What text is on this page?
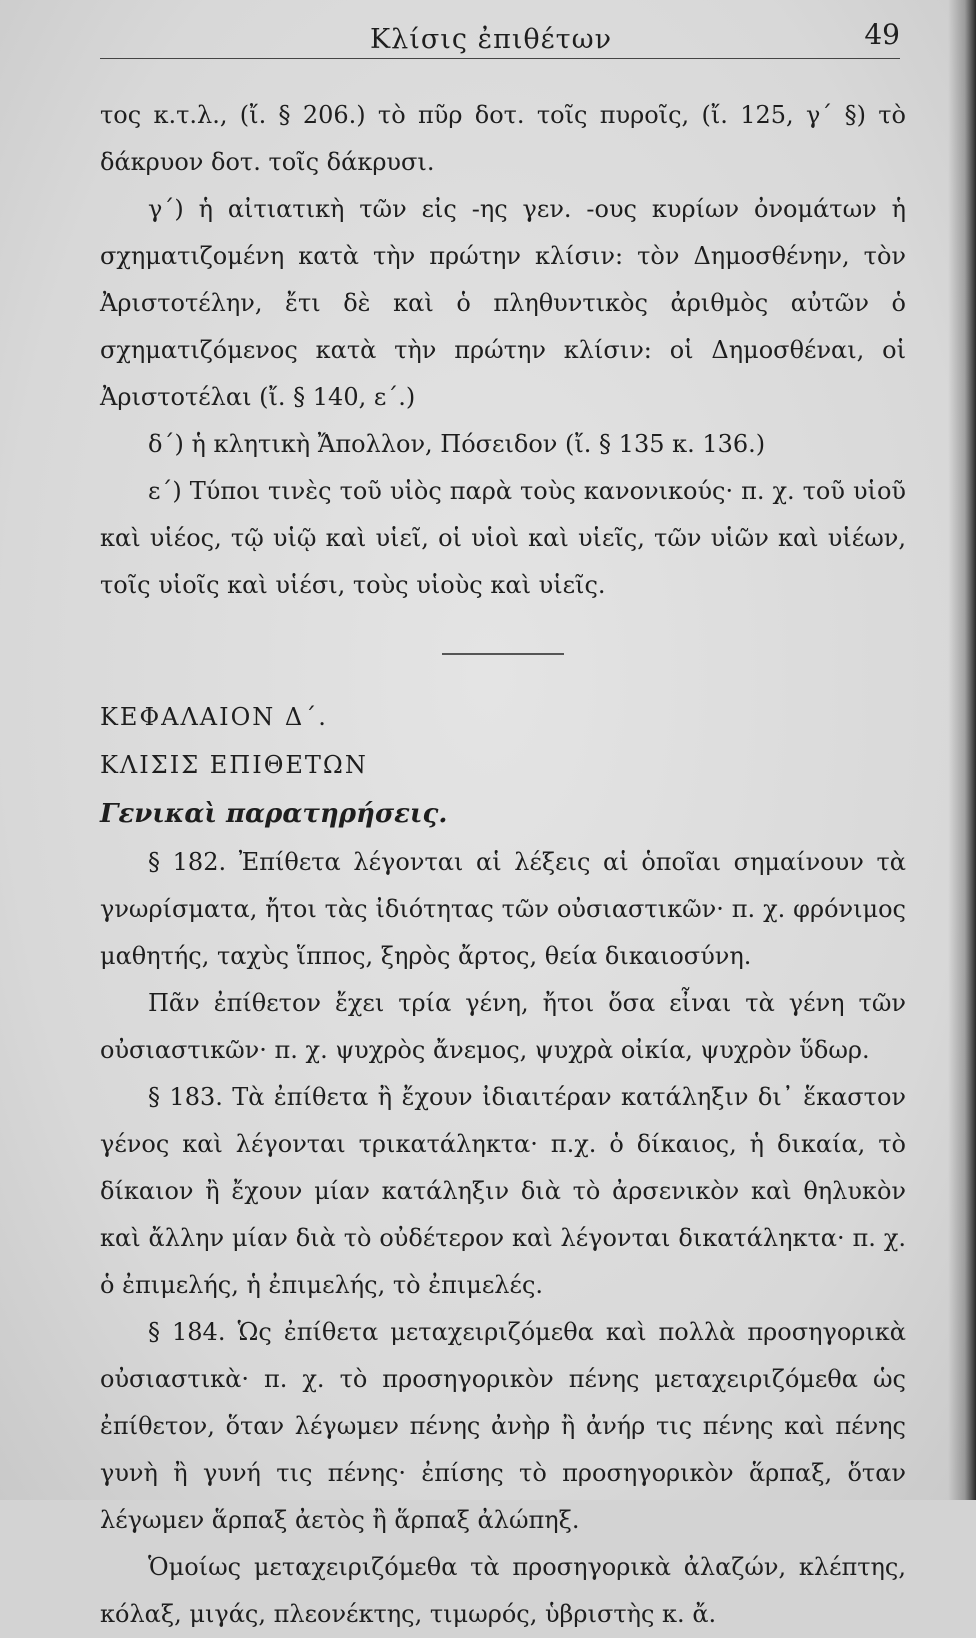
Κλίσις ἐπιθέτων	49

τος κ.τ.λ., (ἴ. § 206.) τὸ πῦρ δοτ. τοῖς πυροῖς, (ἴ. 125, γ΄ §) τὸ δάκρυον δοτ. τοῖς δάκρυσι.

γ΄) ἡ αἰτιατικὴ τῶν εἰς -ης γεν. -ους κυρίων ὀνομάτων ἡ σχηματιζομένη κατὰ τὴν πρώτην κλίσιν: τὸν Δημοσθένην, τὸν Ἀριστοτέλην, ἔτι δὲ καὶ ὁ πληθυντικὸς ἀριθμὸς αὐτῶν ὁ σχηματιζόμενος κατὰ τὴν πρώτην κλίσιν: οἱ Δημοσθέναι, οἱ Ἀριστοτέλαι (ἴ. § 140, ε΄.)

δ΄) ἡ κλητικὴ Ἄπολλον, Πόσειδον (ἴ. § 135 κ. 136.)

ε΄) Τύποι τινὲς τοῦ υἱὸς παρὰ τοὺς κανονικούς· π. χ. τοῦ υἱοῦ καὶ υἱέος, τῷ υἱῷ καὶ υἱεῖ, οἱ υἱοὶ καὶ υἱεῖς, τῶν υἱῶν καὶ υἱέων, τοῖς υἱοῖς καὶ υἱέσι, τοὺς υἱοὺς καὶ υἱεῖς.

ΚΕΦΑΛΑΙΟΝ Δ΄.

ΚΛΙΣΙΣ ΕΠΙΘΕΤΩΝ

Γενικαὶ παρατηρήσεις.

§ 182. Ἐπίθετα λέγονται αἱ λέξεις αἱ ὁποῖαι σημαίνουν τὰ γνωρίσματα, ἤτοι τὰς ἰδιότητας τῶν οὐσιαστικῶν· π. χ. φρόνιμος μαθητής, ταχὺς ἵππος, ξηρὸς ἄρτος, θεία δικαιοσύνη.

Πᾶν ἐπίθετον ἔχει τρία γένη, ἤτοι ὅσα εἶναι τὰ γένη τῶν οὐσιαστικῶν· π. χ. ψυχρὸς ἄνεμος, ψυχρὰ οἰκία, ψυχρὸν ὕδωρ.

§ 183. Τὰ ἐπίθετα ἢ ἔχουν ἰδιαιτέραν κατάληξιν δι᾽ ἕκαστον γένος καὶ λέγονται τρικατάληκτα· π.χ. ὁ δίκαιος, ἡ δικαία, τὸ δίκαιον ἢ ἔχουν μίαν κατάληξιν διὰ τὸ ἀρσενικὸν καὶ θηλυκὸν καὶ ἄλλην μίαν διὰ τὸ οὐδέτερον καὶ λέγονται δικατάληκτα· π. χ. ὁ ἐπιμελής, ἡ ἐπιμελής, τὸ ἐπιμελές.

§ 184. Ὡς ἐπίθετα μεταχειριζόμεθα καὶ πολλὰ προσηγορικὰ οὐσιαστικὰ· π. χ. τὸ προσηγορικὸν πένης μεταχειριζόμεθα ὡς ἐπίθετον, ὅταν λέγωμεν πένης ἀνὴρ ἢ ἀνήρ τις πένης καὶ πένης γυνὴ ἢ γυνή τις πένης· ἐπίσης τὸ προσηγορικὸν ἅρπαξ, ὅταν λέγωμεν ἅρπαξ ἀετὸς ἢ ἅρπαξ ἀλώπηξ.

Ὁμοίως μεταχειριζόμεθα τὰ προσηγορικὰ ἀλαζών, κλέπτης, κόλαξ, μιγάς, πλεονέκτης, τιμωρός, ὑβριστὴς κ. ἄ.
